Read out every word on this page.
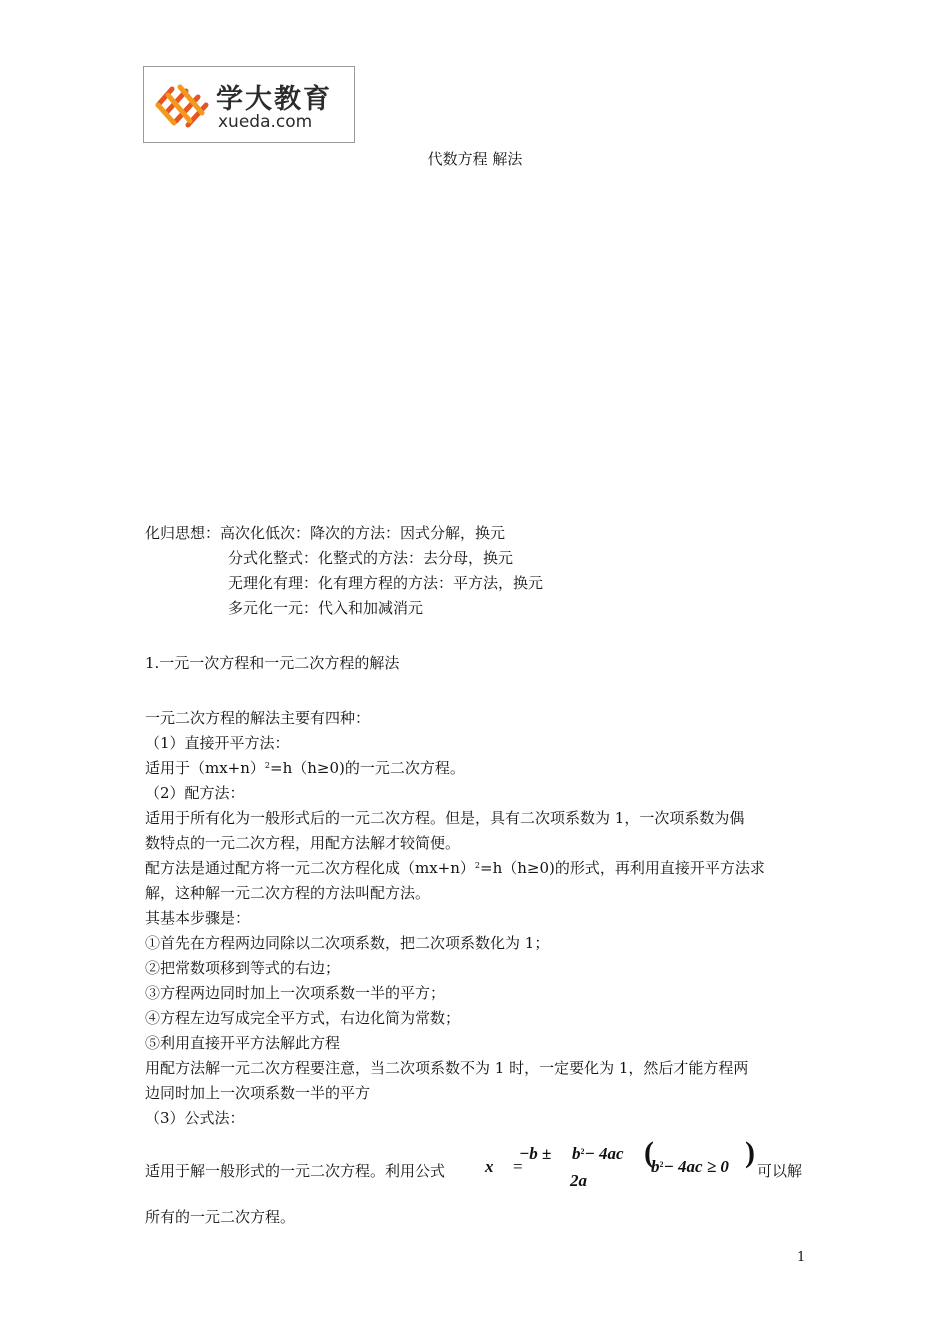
学大教育
xueda.com
代数方程 解法
化归思想：高次化低次：降次的方法：因式分解，换元
分式化整式：化整式的方法：去分母，换元
无理化有理：化有理方程的方法：平方法，换元
多元化一元：代入和加减消元
1.一元一次方程和一元二次方程的解法
一元二次方程的解法主要有四种：
（1）直接开平方法：
适用于$(mx+n)^2=h(h\ge 0)$的一元二次方程。
（2）配方法：
适用于所有化为一般形式后的一元二次方程。但是，具有二次项系数为 1，一次项系数为偶
数特点的一元二次方程，用配方法解才较简便。
配方法是通过配方将一元二次方程化成$(mx+n)^2=h(h\ge 0)$的形式，再利用直接开平方法求
解，这种解一元二次方程的方法叫配方法。
其基本步骤是：
①首先在方程两边同除以二次项系数，把二次项系数化为 1；
②把常数项移到等式的右边；
③方程两边同时加上一次项系数一半的平方；
④方程左边写成完全平方式，右边化简为常数；
⑤利用直接开平方法解此方程
用配方法解一元二次方程要注意，当二次项系数不为 1 时，一定要化为 1，然后才能方程两
边同时加上一次项系数一半的平方
（3）公式法：
适用于解一般形式的一元二次方程。利用公式 x =
$-b \pm b^2- 4ac$
2a
(
$b^2- 4ac \ge 0$ )
可以解
所有的一元二次方程。
1
